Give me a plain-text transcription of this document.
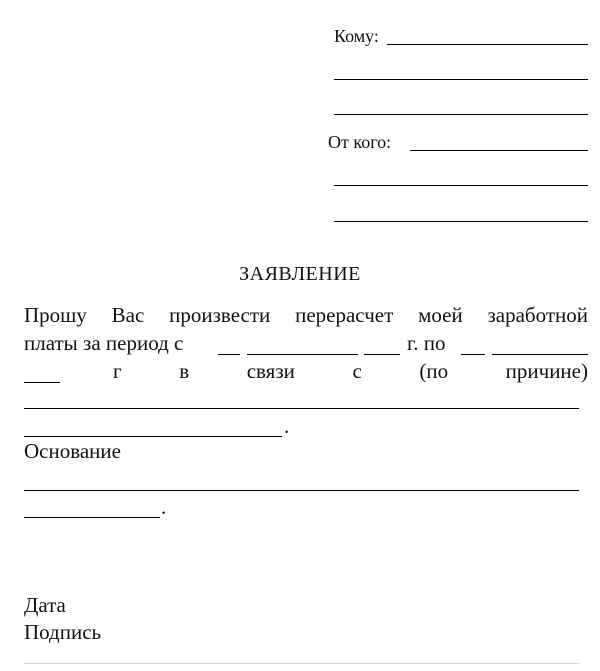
Кому:
От кого:
ЗАЯВЛЕНИЕ
Прошу Вас произвести перерасчет моей заработной
платы за период с	г. по
г	в	связи	с	(по	причине)
.
Основание
.
Дата
Подпись
